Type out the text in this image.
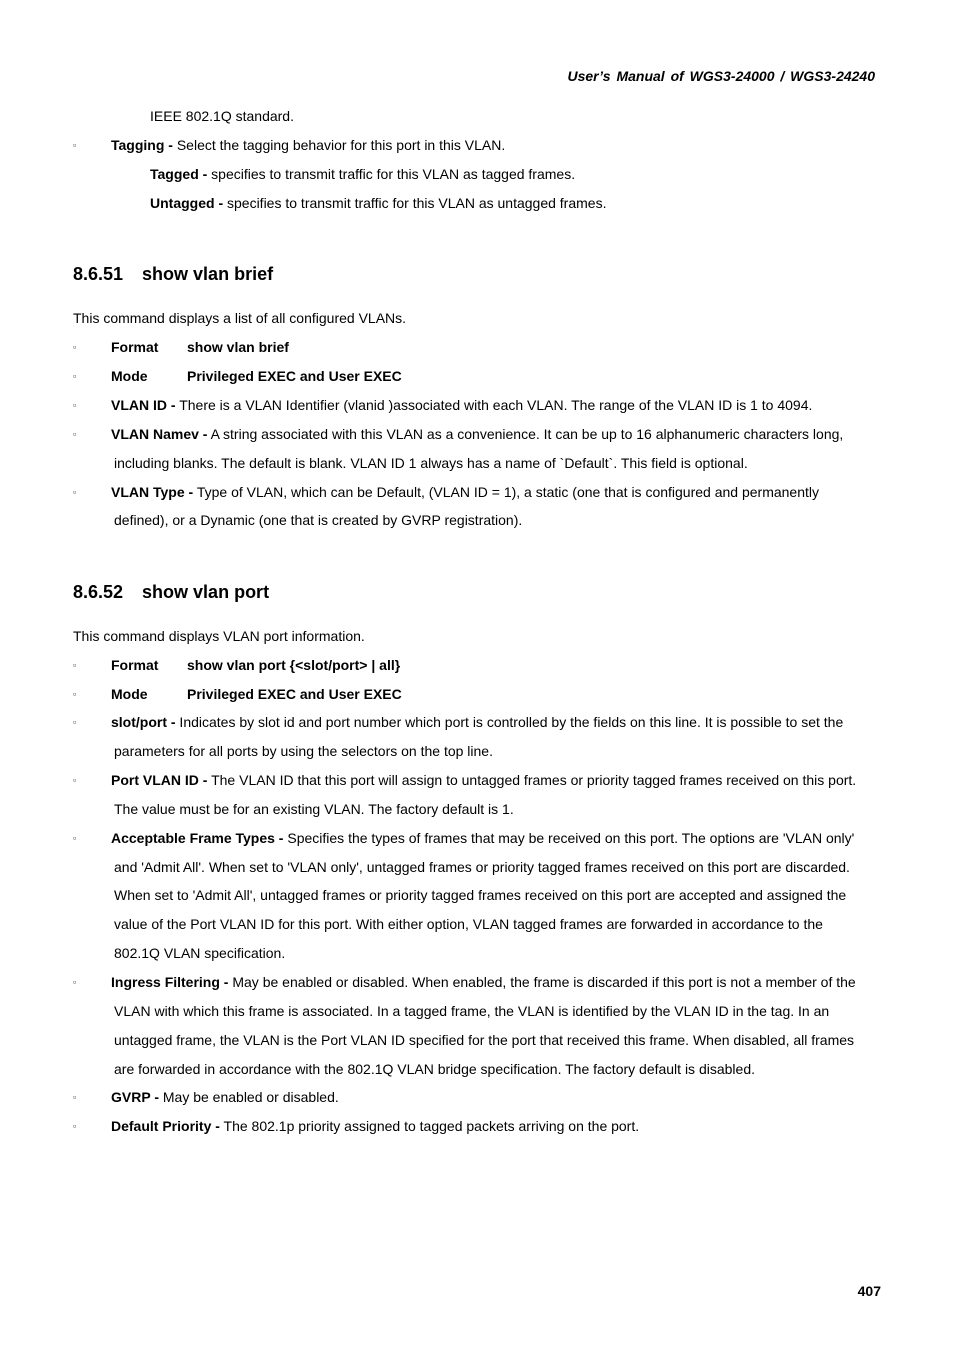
User’s Manual of WGS3-24000 / WGS3-24240
IEEE 802.1Q standard.
▫ Tagging - Select the tagging behavior for this port in this VLAN.
Tagged - specifies to transmit traffic for this VLAN as tagged frames.
Untagged - specifies to transmit traffic for this VLAN as untagged frames.
8.6.51 show vlan brief
This command displays a list of all configured VLANs.
▫ Format show vlan brief
▫ Mode	Privileged EXEC and User EXEC
▫ VLAN ID - There is a VLAN Identifier (vlanid )associated with each VLAN. The range of the VLAN ID is 1 to 4094.
▫ VLAN Namev - A string associated with this VLAN as a convenience. It can be up to 16 alphanumeric characters long,
including blanks. The default is blank. VLAN ID 1 always has a name of `Default`. This field is optional.
▫ VLAN Type - Type of VLAN, which can be Default, (VLAN ID = 1), a static (one that is configured and permanently
defined), or a Dynamic (one that is created by GVRP registration).
8.6.52 show vlan port
This command displays VLAN port information.
▫ Format show vlan port {<slot/port> | all}
▫ Mode	Privileged EXEC and User EXEC
▫ slot/port - Indicates by slot id and port number which port is controlled by the fields on this line. It is possible to set the
parameters for all ports by using the selectors on the top line.
▫ Port VLAN ID - The VLAN ID that this port will assign to untagged frames or priority tagged frames received on this port.
The value must be for an existing VLAN. The factory default is 1.
▫ Acceptable Frame Types - Specifies the types of frames that may be received on this port. The options are 'VLAN only'
and 'Admit All'. When set to 'VLAN only', untagged frames or priority tagged frames received on this port are discarded.
When set to 'Admit All', untagged frames or priority tagged frames received on this port are accepted and assigned the
value of the Port VLAN ID for this port. With either option, VLAN tagged frames are forwarded in accordance to the
802.1Q VLAN specification.
▫ Ingress Filtering - May be enabled or disabled. When enabled, the frame is discarded if this port is not a member of the
VLAN with which this frame is associated. In a tagged frame, the VLAN is identified by the VLAN ID in the tag. In an
untagged frame, the VLAN is the Port VLAN ID specified for the port that received this frame. When disabled, all frames
are forwarded in accordance with the 802.1Q VLAN bridge specification. The factory default is disabled.
▫ GVRP - May be enabled or disabled.
▫ Default Priority - The 802.1p priority assigned to tagged packets arriving on the port.
407
